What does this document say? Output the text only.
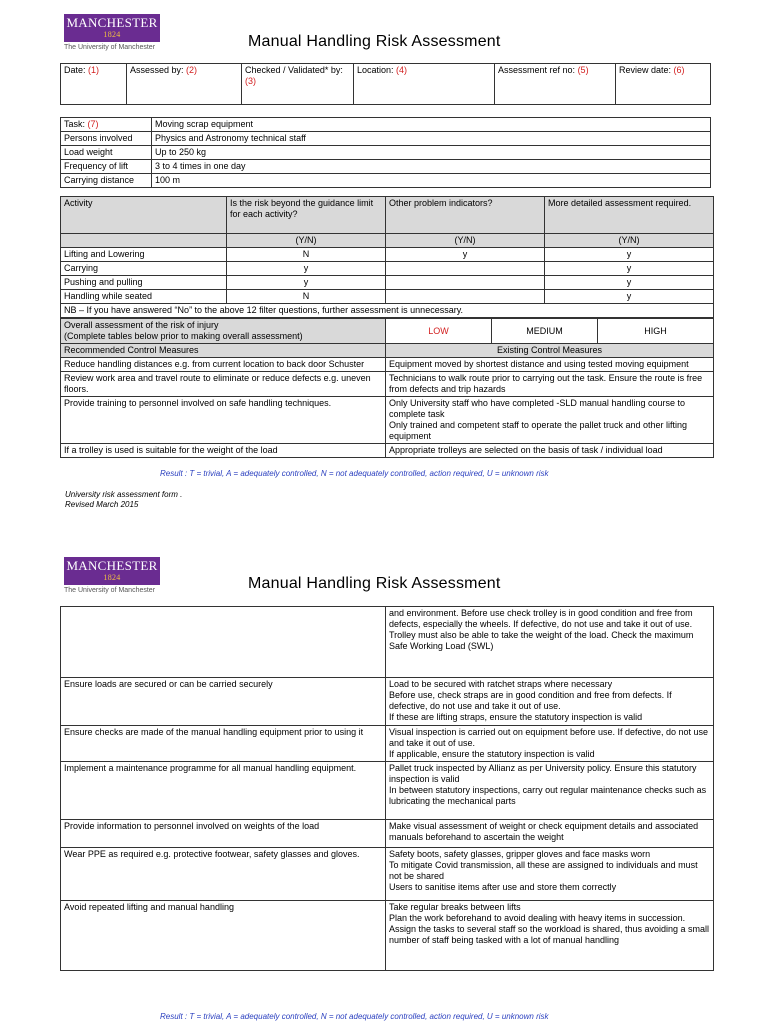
MANCHESTER
1824
The University of Manchester	Manual Handling Risk Assessment
Date: (1)	Assessed by: (2)	Checked / Validated* by: (3)	Location: (4)	Assessment ref no: (5)	Review date: (6)
Task: (7)	Moving scrap equipment
Persons involved	Physics and Astronomy technical staff
Load weight	Up to 250 kg
Frequency of lift	3 to 4 times in one day
Carrying distance	100 m
Activity	Is the risk beyond the guidance limit for each activity?	Other problem indicators?	More detailed assessment required.
	(Y/N)	(Y/N)	(Y/N)
Lifting and Lowering	N	y	y
Carrying	y		y
Pushing and pulling	y		y
Handling while seated	N		y
NB – If you have answered “No” to the above 12 filter questions, further assessment is unnecessary.			
Overall assessment of the risk of injury
(Complete tables below prior to making overall assessment)	LOW	MEDIUM	HIGH
Recommended Control Measures	Existing Control Measures		
Reduce handling distances e.g. from current location to back door Schuster	Equipment moved by shortest distance and using tested moving equipment		
Review work area and travel route to eliminate or reduce defects e.g. uneven floors.	Technicians to walk route prior to carrying out the task. Ensure the route is free from defects and trip hazards		
Provide training to personnel involved on safe handling techniques.	Only University staff who have completed -SLD manual handling course to complete task
Only trained and competent staff to operate the pallet truck and other lifting equipment		
If a trolley is used is suitable for the weight of the load	Appropriate trolleys are selected on the basis of task / individual load		
Result : T = trivial, A = adequately controlled, N = not adequately controlled, action required, U = unknown risk
University risk assessment form .
Revised March 2015
MANCHESTER
1824
The University of Manchester	Manual Handling Risk Assessment
	and environment. Before use check trolley is in good condition and free from defects, especially the wheels. If defective, do not use and take it out of use.
Trolley must also be able to take the weight of the load. Check the maximum Safe Working Load (SWL)
Ensure loads are secured or can be carried securely	Load to be secured with ratchet straps where necessary
Before use, check straps are in good condition and free from defects. If defective, do not use and take it out of use.
If these are lifting straps, ensure the statutory inspection is valid
Ensure checks are made of the manual handling equipment prior to using it	Visual inspection is carried out on equipment before use. If defective, do not use and take it out of use.
If applicable, ensure the statutory inspection is valid
Implement a maintenance programme for all manual handling equipment.	Pallet truck inspected by Allianz as per University policy. Ensure this statutory inspection is valid
In between statutory inspections, carry out regular maintenance checks such as lubricating the mechanical parts
Provide information to personnel involved on weights of the load	Make visual assessment of weight or check equipment details and associated manuals beforehand to ascertain the weight
Wear PPE as required e.g. protective footwear, safety glasses and gloves.	Safety boots, safety glasses, gripper gloves and face masks worn
To mitigate Covid transmission, all these are assigned to individuals and must not be shared
Users to sanitise items after use and store them correctly
Avoid repeated lifting and manual handling	Take regular breaks between lifts
Plan the work beforehand to avoid dealing with heavy items in succession.
Assign the tasks to several staff so the workload is shared, thus avoiding a small number of staff being tasked with a lot of manual handling
Result : T = trivial, A = adequately controlled, N = not adequately controlled, action required, U = unknown risk
